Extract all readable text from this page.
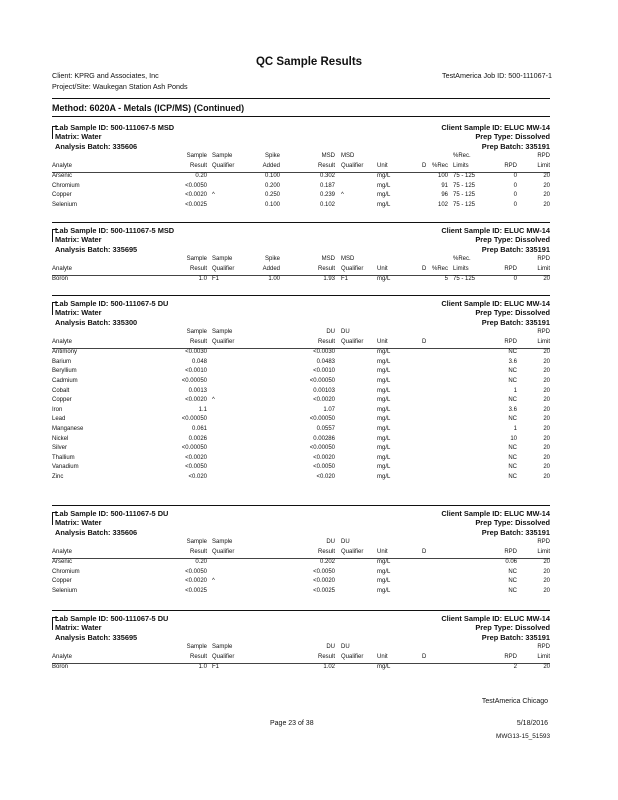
QC Sample Results
Client: KPRG and Associates, Inc
Project/Site: Waukegan Station Ash Ponds
TestAmerica Job ID: 500-111067-1
Method: 6020A - Metals (ICP/MS) (Continued)
Lab Sample ID: 500-111067-5 MSD	Client Sample ID: ELUC MW-14
Matrix: Water	Prep Type: Dissolved
Analysis Batch: 335606	Prep Batch: 335191
Sample Sample	Spike	MSD MSD	%Rec.	RPD
Analyte	Result Qualifier	Added	Result Qualifier Unit	D %Rec Limits	RPD	Limit
Arsenic	0.20	0.100	0.302	mg/L	100 75 - 125	0	20
Chromium	<0.0050	0.200	0.187	mg/L	91 75 - 125	0	20
Copper	<0.0020 ^	0.250	0.239 ^	mg/L	96 75 - 125	0	20
Selenium	<0.0025	0.100	0.102	mg/L	102 75 - 125	0	20
Lab Sample ID: 500-111067-5 MSD	Client Sample ID: ELUC MW-14
Matrix: Water	Prep Type: Dissolved
Analysis Batch: 335695	Prep Batch: 335191
Sample Sample	Spike	MSD MSD	%Rec.	RPD
Analyte	Result Qualifier	Added	Result Qualifier Unit	D %Rec Limits	RPD	Limit
Boron	1.0 F1	1.00	1.93 F1	mg/L	5 75 - 125	0	20
Lab Sample ID: 500-111067-5 DU	Client Sample ID: ELUC MW-14
Matrix: Water	Prep Type: Dissolved
Analysis Batch: 335300	Prep Batch: 335191
Sample Sample	DU DU	RPD
Analyte	Result Qualifier	Result Qualifier Unit	D	RPD	Limit
Antimony	<0.0030	<0.0030	mg/L	NC	20
Barium	0.048	0.0483	mg/L	3.6	20
Beryllium	<0.0010	<0.0010	mg/L	NC	20
Cadmium	<0.00050	<0.00050	mg/L	NC	20
Cobalt	0.0013	0.00103	mg/L	1	20
Copper	<0.0020 ^	<0.0020	mg/L	NC	20
Iron	1.1	1.07	mg/L	3.6	20
Lead	<0.00050	<0.00050	mg/L	NC	20
Manganese	0.061	0.0557	mg/L	1	20
Nickel	0.0026	0.00286	mg/L	10	20
Silver	<0.00050	<0.00050	mg/L	NC	20
Thallium	<0.0020	<0.0020	mg/L	NC	20
Vanadium	<0.0050	<0.0050	mg/L	NC	20
Zinc	<0.020	<0.020	mg/L	NC	20
Lab Sample ID: 500-111067-5 DU	Client Sample ID: ELUC MW-14
Matrix: Water	Prep Type: Dissolved
Analysis Batch: 335606	Prep Batch: 335191
Sample Sample	DU DU	RPD
Analyte	Result Qualifier	Result Qualifier Unit	D	RPD	Limit
Arsenic	0.20	0.202	mg/L	0.06	20
Chromium	<0.0050	<0.0050	mg/L	NC	20
Copper	<0.0020 ^	<0.0020	mg/L	NC	20
Selenium	<0.0025	<0.0025	mg/L	NC	20
Lab Sample ID: 500-111067-5 DU	Client Sample ID: ELUC MW-14
Matrix: Water	Prep Type: Dissolved
Analysis Batch: 335695	Prep Batch: 335191
Sample Sample	DU DU	RPD
Analyte	Result Qualifier	Result Qualifier Unit	D	RPD	Limit
Boron	1.0 F1	1.02	mg/L	2	20
TestAmerica Chicago
Page 23 of 38	5/18/2016
MWG13-15_51593
